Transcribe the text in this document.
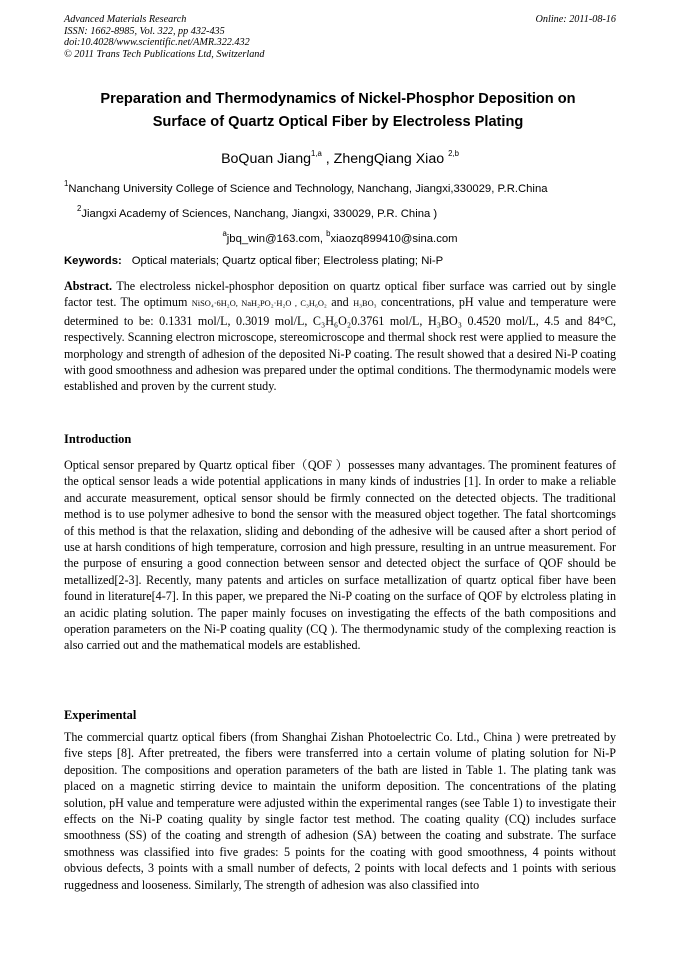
Advanced Materials Research
ISSN: 1662-8985, Vol. 322, pp 432-435
doi:10.4028/www.scientific.net/AMR.322.432
© 2011 Trans Tech Publications Ltd, Switzerland
Online: 2011-08-16
Preparation and Thermodynamics of Nickel-Phosphor Deposition on
Surface of Quartz Optical Fiber by Electroless Plating
BoQuan Jiang$^{1,a}$ , ZhengQiang Xiao $^{2,b}$
$^1$Nanchang University College of Science and Technology, Nanchang, Jiangxi,330029, P.R.China
$^2$Jiangxi Academy of Sciences, Nanchang, Jiangxi, 330029, P.R. China )
$^a$jbq_win@163.com, $^b$xiaozq899410@sina.com
Keywords: Optical materials; Quartz optical fiber; Electroless plating; Ni-P
Abstract. The electroless nickel-phosphor deposition on quartz optical fiber surface was carried out by single factor test. The optimum NiSO₄·6H₂O, NaH₂PO₂·H₂O , C₃H₆O₂ and H₃BO₃ concentrations, pH value and temperature were determined to be: 0.1331 mol/L, 0.3019 mol/L, C₃H₆O₂0.3761 mol/L, H₃BO₃ 0.4520 mol/L, 4.5 and 84°C, respectively. Scanning electron microscope, stereomicroscope and thermal shock rest were applied to measure the morphology and strength of adhesion of the deposited Ni-P coating. The result showed that a desired Ni-P coating with good smoothness and adhesion was prepared under the optimal conditions. The thermodynamic models were established and proven by the current study.
Introduction
Optical sensor prepared by Quartz optical fiber（QOF ）possesses many advantages. The prominent features of the optical sensor leads a wide potential applications in many kinds of industries [1]. In order to make a reliable and accurate measurement, optical sensor should be firmly connected on the detected objects. The traditional method is to use polymer adhesive to bond the sensor with the measured object together. The fatal shortcomings of this method is that the relaxation, sliding and debonding of the adhesive will be caused after a short period of use at harsh conditions of high temperature, corrosion and high pressure, resulting in an untrue measurement. For the purpose of ensuring a good connection between sensor and detected object the surface of QOF should be metallized[2-3]. Recently, many patents and articles on surface metallization of quartz optical fiber have been found in literature[4-7]. In this paper, we prepared the Ni-P coating on the surface of QOF by elctroless plating in an acidic plating solution. The paper mainly focuses on investigating the effects of the bath compositions and operation parameters on the Ni-P coating quality (CQ ). The thermodynamic study of the complexing reaction is also carried out and the mathematical models are established.
Experimental
The commercial quartz optical fibers (from Shanghai Zishan Photoelectric Co. Ltd., China ) were pretreated by five steps [8]. After pretreated, the fibers were transferred into a certain volume of plating solution for Ni-P deposition. The compositions and operation parameters of the bath are listed in Table 1. The plating tank was placed on a magnetic stirring device to maintain the uniform deposition. The concentrations of the plating solution, pH value and temperature were adjusted within the experimental ranges (see Table 1) to investigate their effects on the Ni-P coating quality by single factor test method. The coating quality (CQ) includes surface smoothness (SS) of the coating and strength of adhesion (SA) between the coating and substrate. The surface smothness was classified into five grades: 5 points for the coating with good smoothness, 4 points without obvious defects, 3 points with a small number of defects, 2 points with local defects and 1 points with serious ruggedness and looseness. Similarly, The strength of adhesion was also classified into
